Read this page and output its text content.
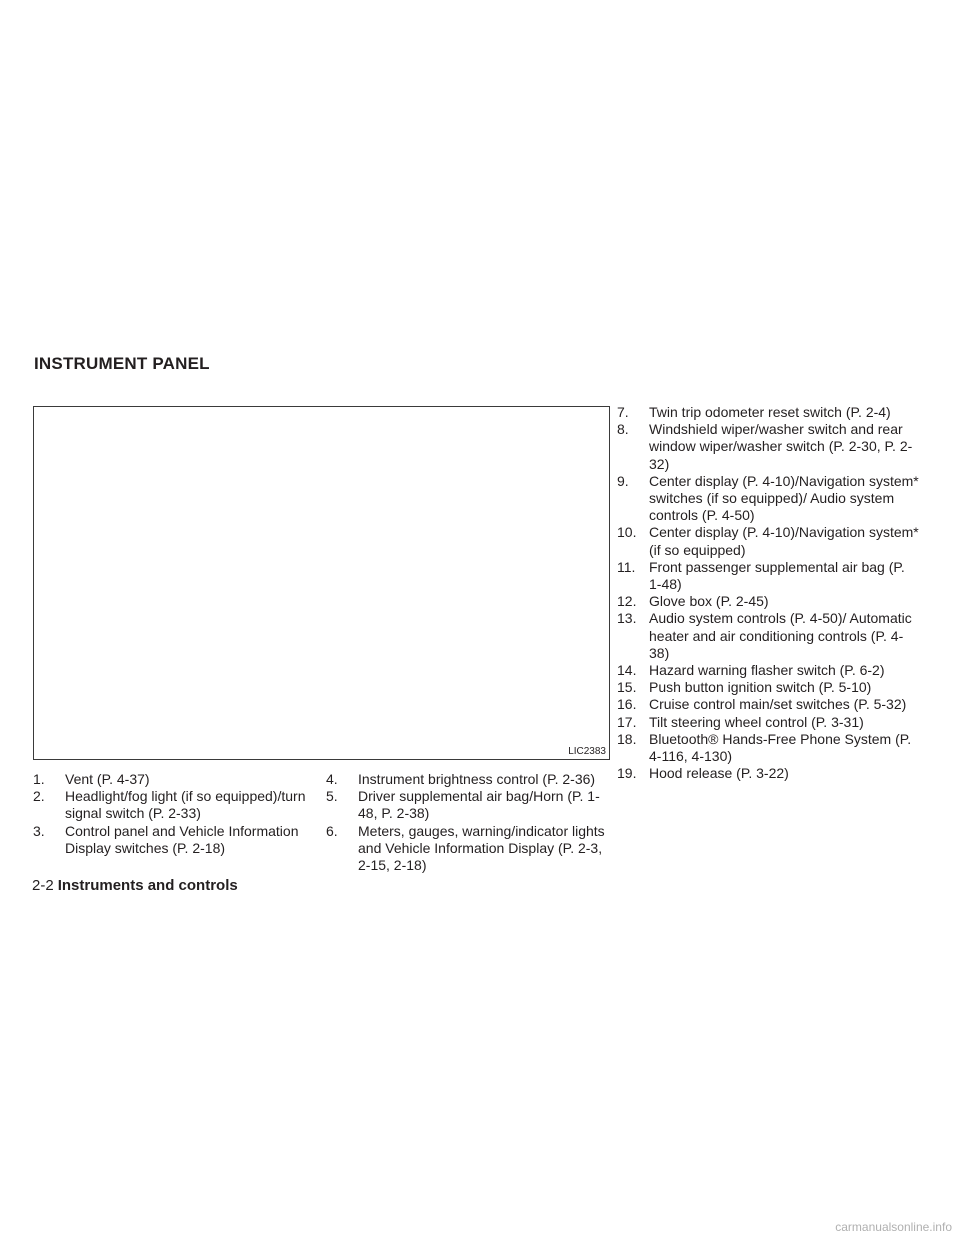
INSTRUMENT PANEL
LIC2383
1. Vent (P. 4-37)
2. Headlight/fog light (if so equipped)/turn signal switch (P. 2-33)
3. Control panel and Vehicle Information Display switches (P. 2-18)
4. Instrument brightness control (P. 2-36)
5. Driver supplemental air bag/Horn (P. 1-48, P. 2-38)
6. Meters, gauges, warning/indicator lights and Vehicle Information Display (P. 2-3, 2-15, 2-18)
7. Twin trip odometer reset switch (P. 2-4)
8. Windshield wiper/washer switch and rear window wiper/washer switch (P. 2-30, P. 2-32)
9. Center display (P. 4-10)/Navigation system* switches (if so equipped)/ Audio system controls (P. 4-50)
10. Center display (P. 4-10)/Navigation system* (if so equipped)
11. Front passenger supplemental air bag (P. 1-48)
12. Glove box (P. 2-45)
13. Audio system controls (P. 4-50)/ Automatic heater and air conditioning controls (P. 4-38)
14. Hazard warning flasher switch (P. 6-2)
15. Push button ignition switch (P. 5-10)
16. Cruise control main/set switches (P. 5-32)
17. Tilt steering wheel control (P. 3-31)
18. Bluetooth® Hands-Free Phone System (P. 4-116, 4-130)
19. Hood release (P. 3-22)
2-2 Instruments and controls
carmanualsonline.info
